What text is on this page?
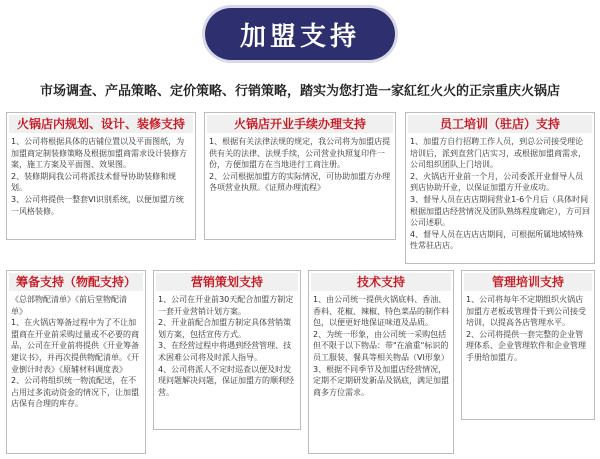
加盟支持
市场调查、产品策略、定价策略、行销策略，踏实为您打造一家紅红火火的正宗重庆火锅店
火锅店内规划、设计、装修支持

1、公司将根据具体的店铺位置以及平面图纸，为加盟商定制装修策略及根据加盟商需求设计装修方案，施工方案及平面图、效果图。
2、装修期间我公司将派技术督导协助装修和规划。
3、公司将提供一整套VI识别系统，以便加盟方统一风格装修。

火锅店开业手续办理支持

1、根据有关法律法规的规定，我公司将为加盟店提供有关的法律、法规手续，公司营业执照复印件一份，方便加盟方在当地进行工商注册。
2、公司根据加盟方的实际情况，可协助加盟方办理各项营业执照。《证照办理流程》

员工培训（驻店）支持

1、加盟方自行招聘工作人员，到总公司接受理论培训后，派到直营门店实习，或根据加盟商需求，公司组织团队上门培训。
2、火锅店开业前一个月，公司委派开业督导人员到店协助开业，以保证加盟方开业成功。
3、督导人员在店店期间营业1-6个月后（具体时间根据加盟店经营情况及团队熟练程度确定），方可回公司述职。
4、督导人员在店店店期间，可根据所属地域特殊性常驻店店。

筹备支持（物配支持）

《总部物配清单》《前后堂物配清单》
1、在火锅店筹备过程中为了不让加盟商在开业前采购过量或不必要的商品，公司在开业前将提供《开业筹备建议书》，并再次提供物配清单。《开业倒计时表》《原辅材料调度表》
2、公司将组织统一物流配送，在不占用过多流动资金的情况下，让加盟店保有合理的库存。

营销策划支持

1、公司在开业前30天配合加盟方制定一套开业营销计划方案。
2、开业前配合加盟方制定具体营销策划方案，包括宣传方式。
3、在经营过程中将遇到经营管理、技术困难公司将及时派人指导。
4、公司将派人不定时巡查以便及时发现问题解决问题，保证加盟方的顺利经营。

技术支持

1、由公司统一提供火锅底料、香油、香料、花椒、辣椒、特色菜品的制作料包，以便更好地保证味道及品质。
2、为统一形象，由公司统一采购包括但不限于以下物品：带"在渝重"标识的员工服装、餐具等相关物品（VI形象）
3、根据不同季节及加盟店经营情况，定期不定期研发新品及锅底，满足加盟商多方位需求。

管理培训支持

1、公司将每年不定期组织火锅店加盟方老板或管理骨干到公司接受培训，以提高各店管理水平。
2、公司将提供一套完整的企业管理体系、企业管理软件和企业管理手册给加盟方。
